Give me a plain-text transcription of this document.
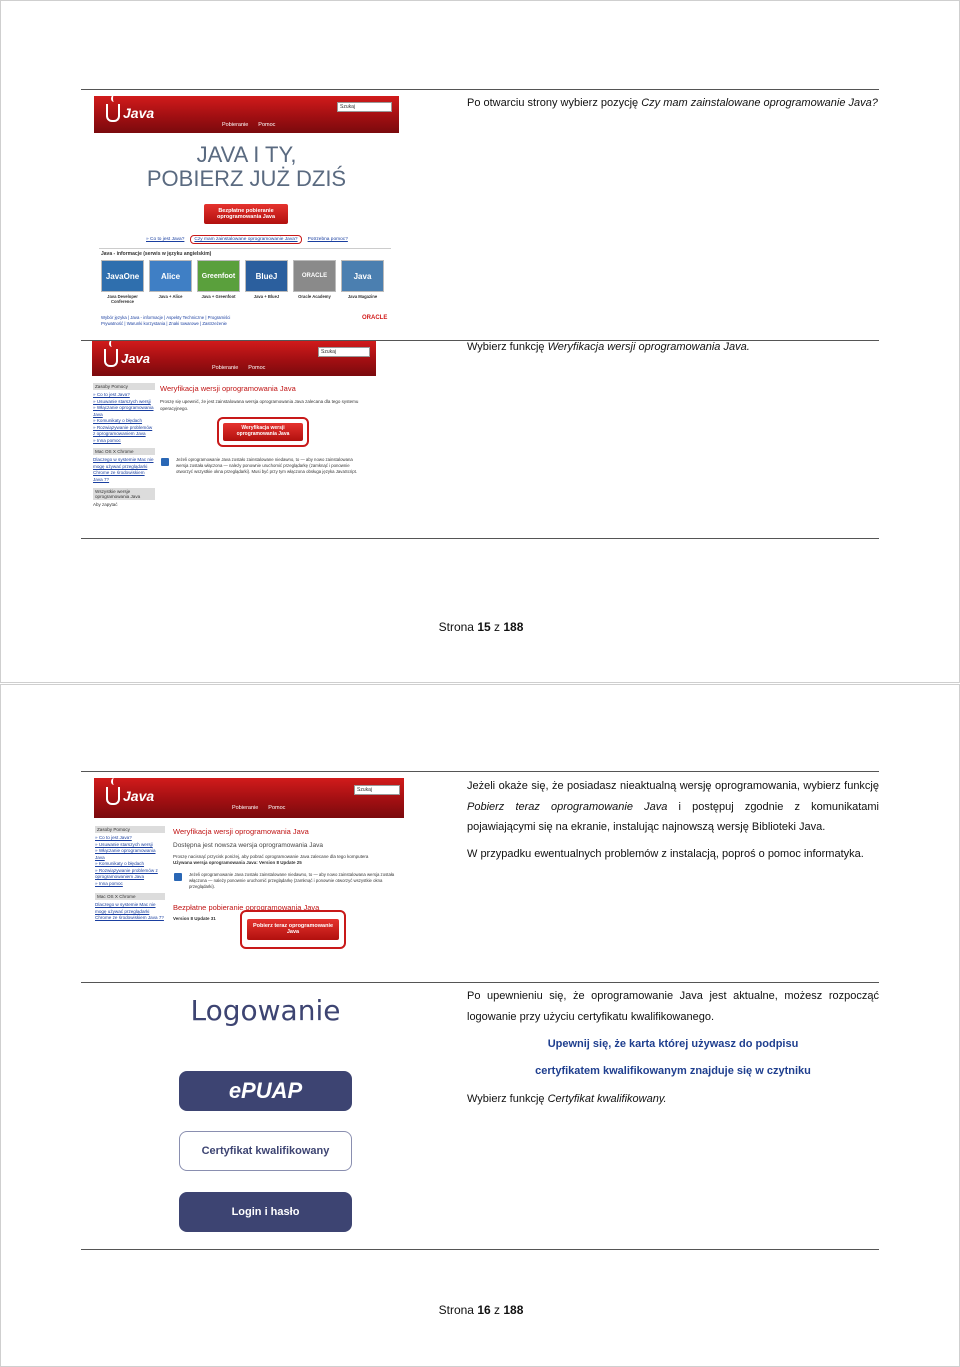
Java	Szukaj
Pobieranie Pomoc
JAVA I TY,
POBIERZ JUŻ DZIŚ
Bezpłatne pobieranie oprogramowania Java
» Co to jest Java?	Czy mam zainstalowane oprogramowanie Java?	Potrzebna pomoc?
Java - informacje (serwis w języku angielskim)
JavaOne
Java Developer Conference
Alice
Java + Alice
Greenfoot
Java + Greenfoot
BlueJ
Java + BlueJ
ORACLE
Oracle Academy
Java
Java Magazine
Wybór języka | Java - informacje | Aspekty Techniczne | Programiści
Prywatność | Warunki korzystania | Znaki towarowe | Zastrzeżenie
ORACLE
Po otwarciu strony wybierz pozycję Czy mam zainstalowane oprogramowanie Java?
Java	Szukaj
Pobieranie Pomoc
Zasoby Pomocy
» Co to jest Java?
» Usuwanie starszych wersji
» Włączanie oprogramowania Java
» Komunikaty o błędach
» Rozwiązywanie problemów z oprogramowaniem Java
» Inna pomoc
Mac OS X Chrome
Dlaczego w systemie Mac nie mogę używać przeglądarki Chrome ze środowiskiem Java 7?
Wszystkie wersje oprogramowania Java
Aby zapytać
Weryfikacja wersji oprogramowania Java
Proszę się upewnić, że jest zainstalowana wersja oprogramowania Java zalecana dla tego systemu operacyjnego.
Weryfikacja wersji oprogramowania Java
Jeżeli oprogramowanie Java zostało zainstalowane niedawno, to — aby nowo zainstalowana wersja została włączona — należy ponownie uruchomić przeglądarkę (zamknąć i ponownie otworzyć wszystkie okna przeglądarki). Musi być przy tym włączona obsługa języka JavaScript.
Wybierz funkcję Weryfikacja wersji oprogramowania Java.
Strona 15 z 188
Java	Szukaj
Pobieranie Pomoc
Zasoby Pomocy
» Co to jest Java?
» Usuwanie starszych wersji
» Włączanie oprogramowania Java
» Komunikaty o błędach
» Rozwiązywanie problemów z oprogramowaniem Java
» Inna pomoc
Mac OS X Chrome
Dlaczego w systemie Mac nie mogę używać przeglądarki Chrome ze środowiskiem Java 7?
Weryfikacja wersji oprogramowania Java
Dostępna jest nowsza wersja oprogramowania Java
Proszę nacisnąć przycisk poniżej, aby pobrać oprogramowanie Java zalecane dla tego komputera
Używana wersja oprogramowania Java: Version 8 Update 25
Jeżeli oprogramowanie Java zostało zainstalowane niedawno, to — aby nowo zainstalowana wersja została włączona — należy ponownie uruchomić przeglądarkę (zamknąć i ponownie otworzyć wszystkie okna przeglądarki).
Bezpłatne pobieranie oprogramowania Java
Version 8 Update 31
Pobierz teraz oprogramowanie Java
Jeżeli okaże się, że posiadasz nieaktualną wersję oprogramowania, wybierz funkcję Pobierz teraz oprogramowanie Java i postępuj zgodnie z komunikatami pojawiającymi się na ekranie, instalując najnowszą wersję Biblioteki Java.
W przypadku ewentualnych problemów z instalacją, poproś o pomoc informatyka.
Logowanie
ePUAP
Certyfikat kwalifikowany
Login i hasło
Po upewnieniu się, że oprogramowanie Java jest aktualne, możesz rozpocząć logowanie przy użyciu certyfikatu kwalifikowanego.
Upewnij się, że karta której używasz do podpisu
certyfikatem kwalifikowanym znajduje się w czytniku
Wybierz funkcję Certyfikat kwalifikowany.
Strona 16 z 188
